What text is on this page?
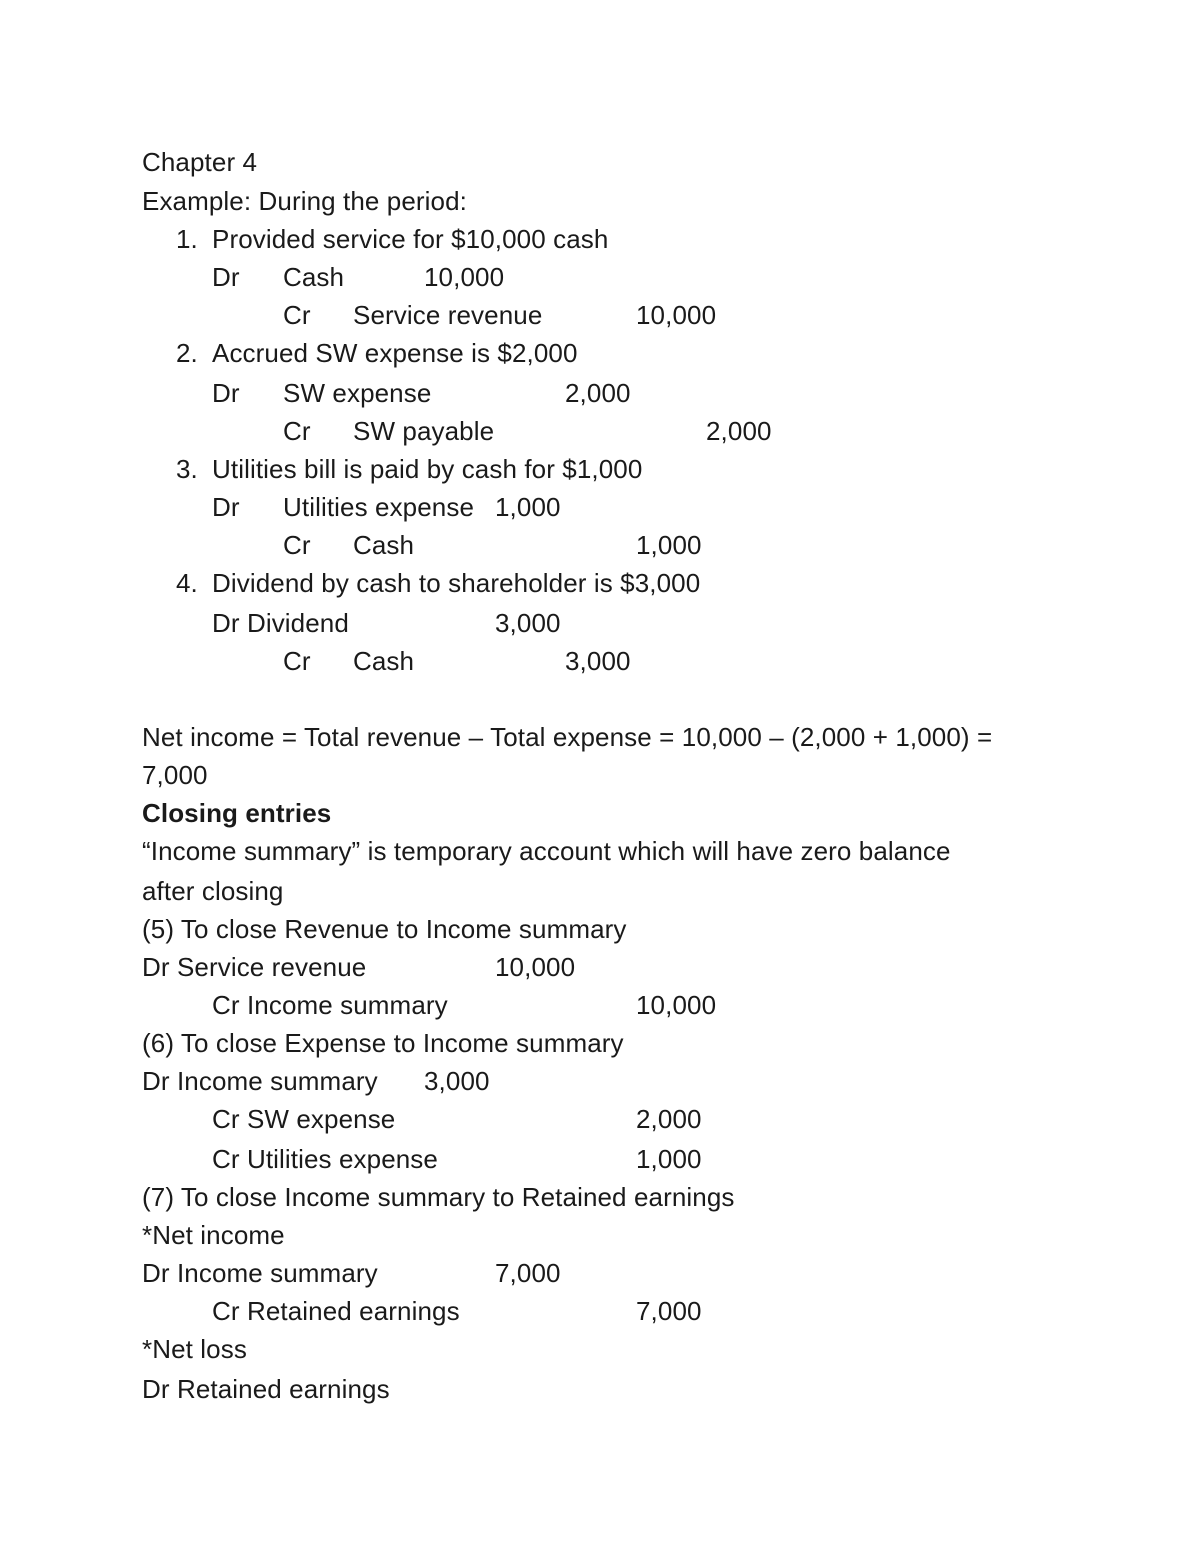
Chapter 4
Example: During the period:
1. Provided service for $10,000 cash
Dr Cash	10,000
Cr Service revenue	10,000
2. Accrued SW expense is $2,000
Dr SW expense	2,000
Cr SW payable	2,000
3. Utilities bill is paid by cash for $1,000
Dr Utilities expense 1,000
Cr Cash	1,000
4. Dividend by cash to shareholder is $3,000
Dr Dividend	3,000
Cr Cash	3,000
Net income = Total revenue – Total expense = 10,000 – (2,000 + 1,000) =
7,000
Closing entries
“Income summary” is temporary account which will have zero balance
after closing
(5) To close Revenue to Income summary
Dr Service revenue	10,000
Cr Income summary	10,000
(6) To close Expense to Income summary
Dr Income summary 3,000
Cr SW expense	2,000
Cr Utilities expense	1,000
(7) To close Income summary to Retained earnings
*Net income
Dr Income summary	7,000
Cr Retained earnings	7,000
*Net loss
Dr Retained earnings
